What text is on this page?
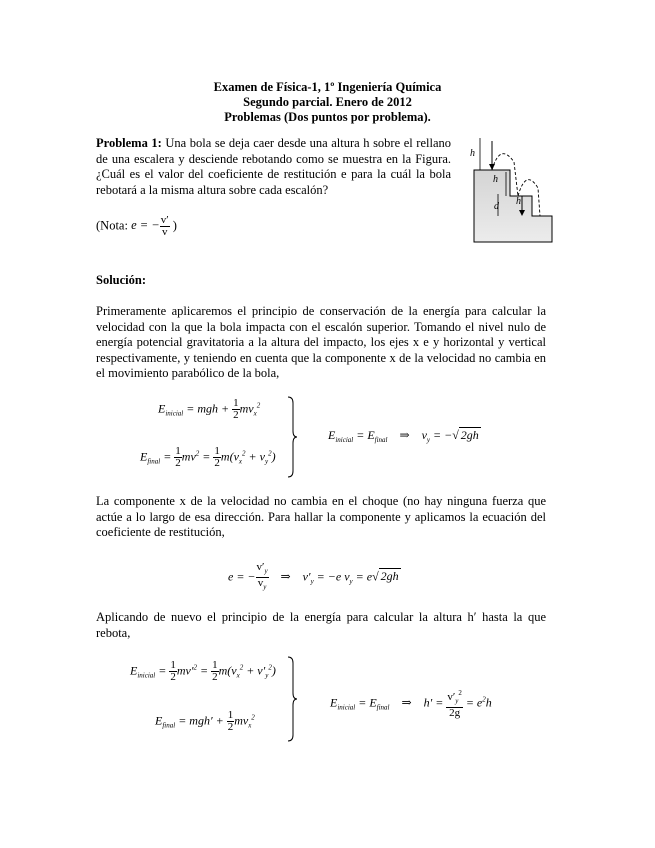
Examen de Física-1, 1º Ingeniería Química
Segundo parcial. Enero de 2012
Problemas (Dos puntos por problema).
Problema 1: Una bola se deja caer desde una altura h sobre el rellano de una escalera y desciende rebotando como se muestra en la Figura. ¿Cuál es el valor del coeficiente de restitución e para la cuál la bola rebotará a la misma altura sobre cada escalón?
(Nota: e = − $\frac{v'}{v}$ )
h
h
d h
Solución:
Primeramente aplicaremos el principio de conservación de la energía para calcular la velocidad con la que la bola impacta con el escalón superior. Tomando el nivel nulo de energía potencial gravitatoria a la altura del impacto, los ejes x e y horizontal y vertical respectivamente, y teniendo en cuenta que la componente x de la velocidad no cambia en el movimiento parabólico de la bola,
$E_{inicial}$ = mgh + $\frac{1}{2} mv_x^2$
$E_{final} = \frac{1}{2} mv^2 = \frac{1}{2} m(v_x^2 + v_y^2)$
$E_{inicial} = E_{final}$ ⇒    $v_y$ = −√ 2gh
La componente x de la velocidad no cambia en el choque (no hay ninguna fuerza que actúe a lo largo de esa dirección. Para hallar la componente y aplicamos la ecuación del coeficiente de restitución,
e = − $\frac{v'_y}{v_y}$ ⇒    $v'_y = -e$ $v_y = e√$ 2gh
Aplicando de nuevo el principio de la energía para calcular la altura h′ hasta la que rebota,
$E_{inicial} = \frac{1}{2} mv'^2 = \frac{1}{2} m(v_x^2 + v'_y^2)$
$E_{final} = mgh' + \frac{1}{2} mv_x^2$
$E_{inicial} = E_{final}$ ⇒    $h' = \frac{v'_y^2}{2g} = e^2h$
